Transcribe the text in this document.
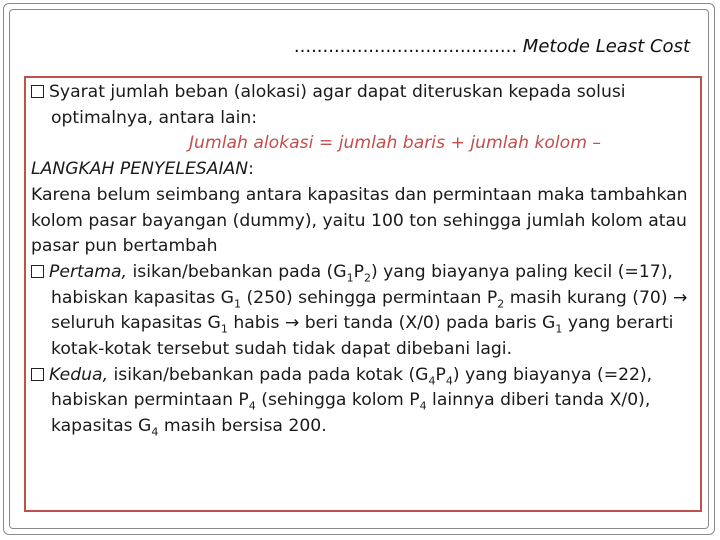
....................................... Metode Least Cost

Syarat jumlah beban (alokasi) agar dapat diteruskan kepada solusi optimalnya, antara lain:

Jumlah alokasi = jumlah baris + jumlah kolom –

LANGKAH PENYELESAIAN:

Karena belum seimbang antara kapasitas dan permintaan maka tambahkan kolom pasar bayangan (dummy), yaitu 100 ton sehingga jumlah kolom atau pasar pun bertambah

Pertama, isikan/bebankan pada $(G_1P_2)$ yang biayanya paling kecil (=17), habiskan kapasitas $G_1$ (250) sehingga permintaan $P_2$ masih kurang (70) → seluruh kapasitas $G_1$ habis → beri tanda (X/0) pada baris $G_1$ yang berarti kotak-kotak tersebut sudah tidak dapat dibebani lagi.

Kedua, isikan/bebankan pada pada kotak $(G_4P_4)$ yang biayanya (=22), habiskan permintaan $P_4$ (sehingga kolom $P_4$ lainnya diberi tanda X/0), kapasitas $G_4$ masih bersisa 200.
